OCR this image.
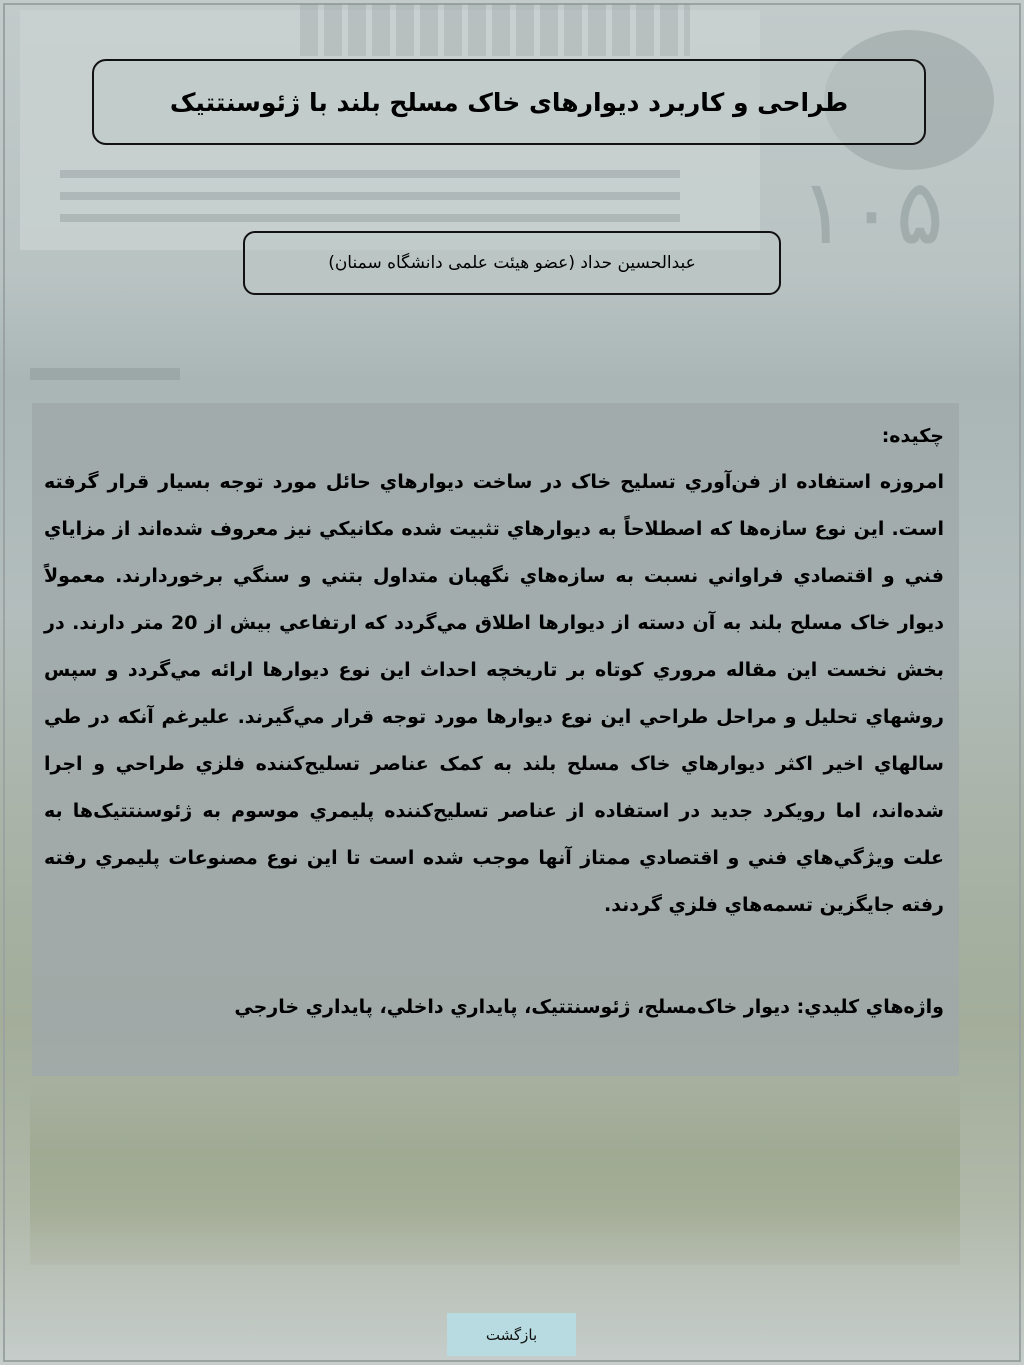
۱۰۵
طراحی و کاربرد دیوارهای خاک مسلح بلند با ژئوسنتتیک
عبدالحسین حداد (عضو هیئت علمی دانشگاه سمنان)
چکیده:

امروزه استفاده از فن‌آوري تسليح خاک در ساخت ديوارهاي حائل مورد توجه بسيار قرار گرفته است. اين نوع سازه‌ها که اصطلاحاً به ديوارهاي تثبيت شده مکانيکي نيز معروف شده‌اند از مزاياي فني و اقتصادي فراواني نسبت به سازه‌هاي نگهبان متداول بتني و سنگي برخوردارند. معمولاً ديوار خاک مسلح بلند به آن دسته از ديوارها اطلاق مي‌گردد که ارتفاعي بيش از 20 متر دارند. در بخش نخست اين مقاله مروري کوتاه بر تاريخچه احداث اين نوع ديوارها ارائه مي‌گردد و سپس روشهاي تحليل و مراحل طراحي اين نوع ديوارها مورد توجه قرار مي‌گيرند. عليرغم آنکه در طي سالهاي اخير اکثر ديوارهاي خاک مسلح بلند به کمک عناصر تسليح‌کننده فلزي طراحي و اجرا شده‌اند، اما رويکرد جديد در استفاده از عناصر تسليح‌کننده پليمري موسوم به ژئوسنتتيک‌ها به علت ويژگي‌هاي فني و اقتصادي ممتاز آنها موجب شده است تا اين نوع مصنوعات پليمري رفته رفته جايگزين تسمه‌هاي فلزي گردند.

واژه‌هاي کليدي: ديوار خاک‌مسلح، ژئوسنتتيک، پايداري داخلي، پايداري خارجي
بازگشت
